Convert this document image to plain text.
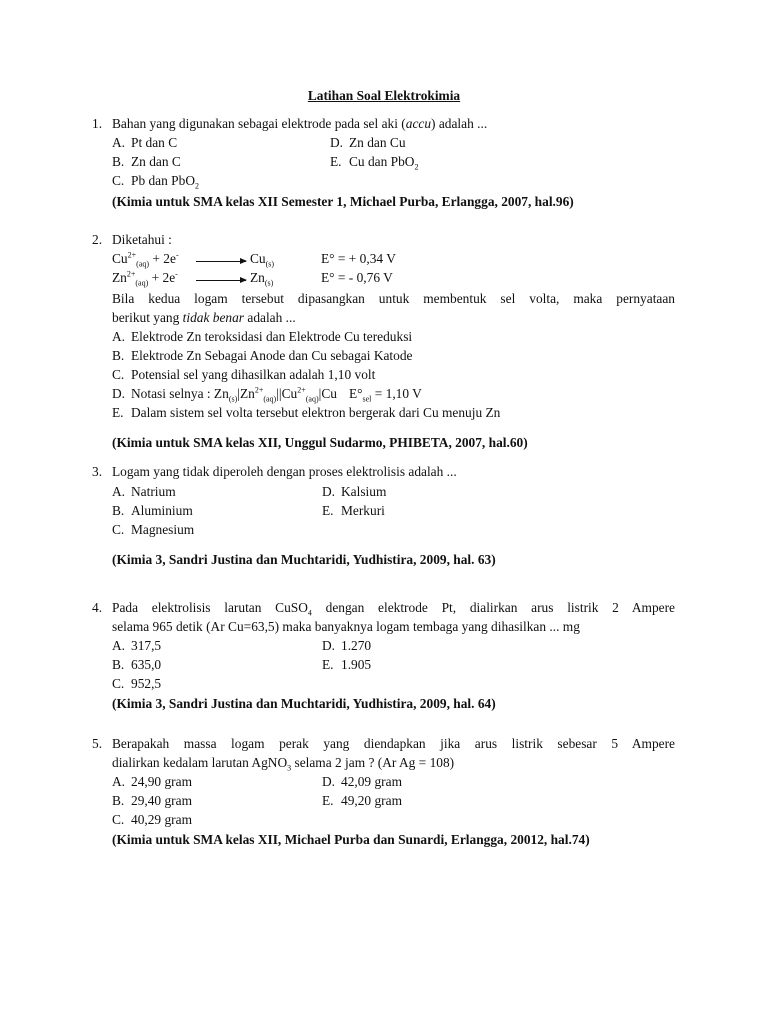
Latihan Soal Elektrokimia
1. Bahan yang digunakan sebagai elektrode pada sel aki (accu) adalah ...
A. Pt dan C
B. Zn dan C
C. Pb dan PbO$_2$
D. Zn dan Cu
E. Cu dan PbO$_2$
(Kimia untuk SMA kelas XII Semester 1, Michael Purba, Erlangga, 2007, hal.96)
2. Diketahui :
$Cu^{2+}_{(aq)} + 2e^- \to Cu_{(s)}$	E° = + 0,34 V
$Zn^{2+}_{(aq)} + 2e^- \to Zn_{(s)}$	E° = - 0,76 V
Bila kedua logam tersebut dipasangkan untuk membentuk sel volta, maka pernyataan
berikut yang tidak benar adalah ...
A. Elektrode Zn teroksidasi dan Elektrode Cu tereduksi
B. Elektrode Zn Sebagai Anode dan Cu sebagai Katode
C. Potensial sel yang dihasilkan adalah 1,10 volt
D. Notasi selnya : $Zn_{(s)}|Zn^{2+}_{(aq)}||Cu^{2+}_{(aq)}|Cu$ $E^\circ_{sel} = 1,10$ V
E. Dalam sistem sel volta tersebut elektron bergerak dari Cu menuju Zn
(Kimia untuk SMA kelas XII, Unggul Sudarmo, PHIBETA, 2007, hal.60)
3. Logam yang tidak diperoleh dengan proses elektrolisis adalah ...
A. Natrium
B. Aluminium
C. Magnesium
D. Kalsium
E. Merkuri
(Kimia 3, Sandri Justina dan Muchtaridi, Yudhistira, 2009, hal. 63)
4. Pada elektrolisis larutan CuSO$_4$ dengan elektrode Pt, dialirkan arus listrik 2 Ampere
selama 965 detik (Ar Cu=63,5) maka banyaknya logam tembaga yang dihasilkan ... mg
A. 317,5
B. 635,0
C. 952,5
D. 1.270
E. 1.905
(Kimia 3, Sandri Justina dan Muchtaridi, Yudhistira, 2009, hal. 64)
5. Berapakah massa logam perak yang diendapkan jika arus listrik sebesar 5 Ampere
dialirkan kedalam larutan AgNO$_3$ selama 2 jam ? (Ar Ag = 108)
A. 24,90 gram
B. 29,40 gram
C. 40,29 gram
D. 42,09 gram
E. 49,20 gram
(Kimia untuk SMA kelas XII, Michael Purba dan Sunardi, Erlangga, 20012, hal.74)
